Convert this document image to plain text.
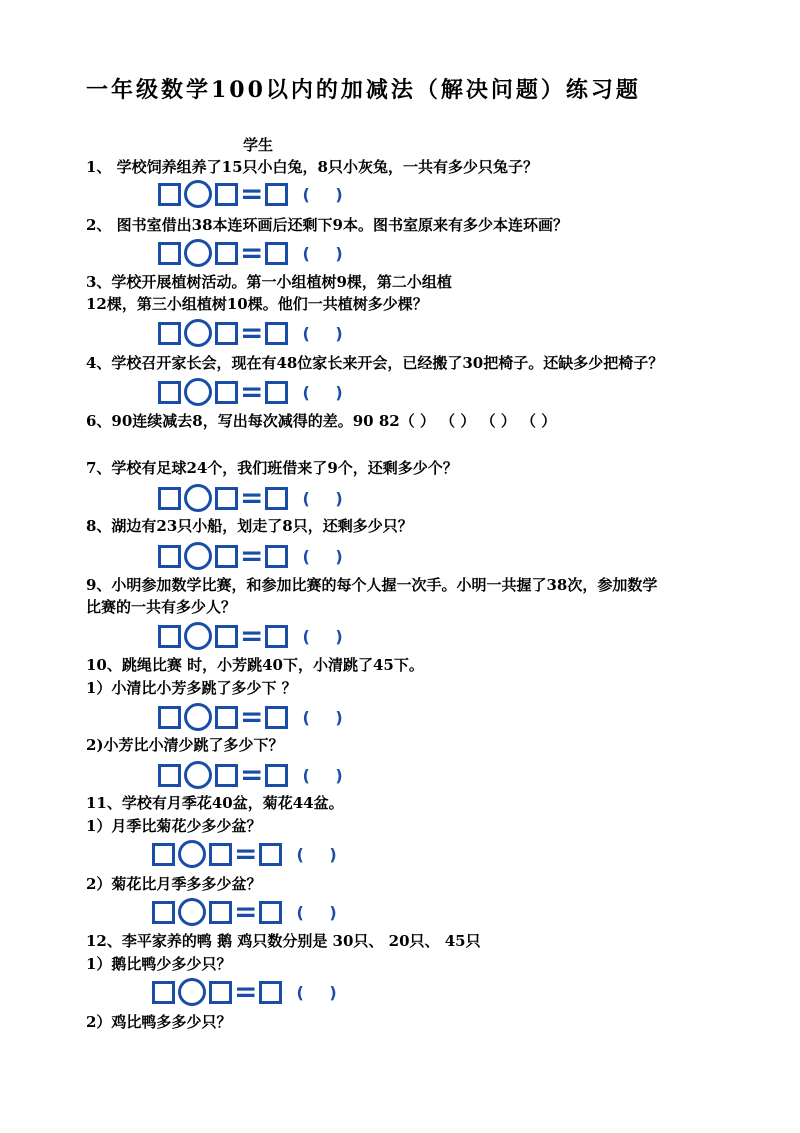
一年级数学100以内的加减法（解决问题）练习题
学生
1、 学校饲养组养了15只小白兔，8只小灰兔，一共有多少只兔子？
= ( )
2、 图书室借出38本连环画后还剩下9本。图书室原来有多少本连环画？
= ( )
3、学校开展植树活动。第一小组植树9棵，第二小组植
12棵，第三小组植树10棵。他们一共植树多少棵？
= ( )
4、学校召开家长会，现在有48位家长来开会，已经搬了30把椅子。还缺多少把椅子？
= ( )
6、90连续减去8，写出每次减得的差。90 82（ ） （ ） （ ） （ ）
7、学校有足球24个，我们班借来了9个，还剩多少个？
= ( )
8、湖边有23只小船，划走了8只，还剩多少只？
= ( )
9、小明参加数学比赛，和参加比赛的每个人握一次手。小明一共握了38次，参加数学
比赛的一共有多少人？
= ( )
10、跳绳比赛 时，小芳跳40下，小清跳了45下。
1）小清比小芳多跳了多少下 ？
= ( )
2)小芳比小清少跳了多少下？
= ( )
11、学校有月季花40盆，菊花44盆。
1）月季比菊花少多少盆？
= ( )
2）菊花比月季多多少盆？
= ( )
12、李平家养的鸭 鹅 鸡只数分别是 30只、 20只、 45只
1）鹅比鸭少多少只？
= ( )
2）鸡比鸭多多少只？
